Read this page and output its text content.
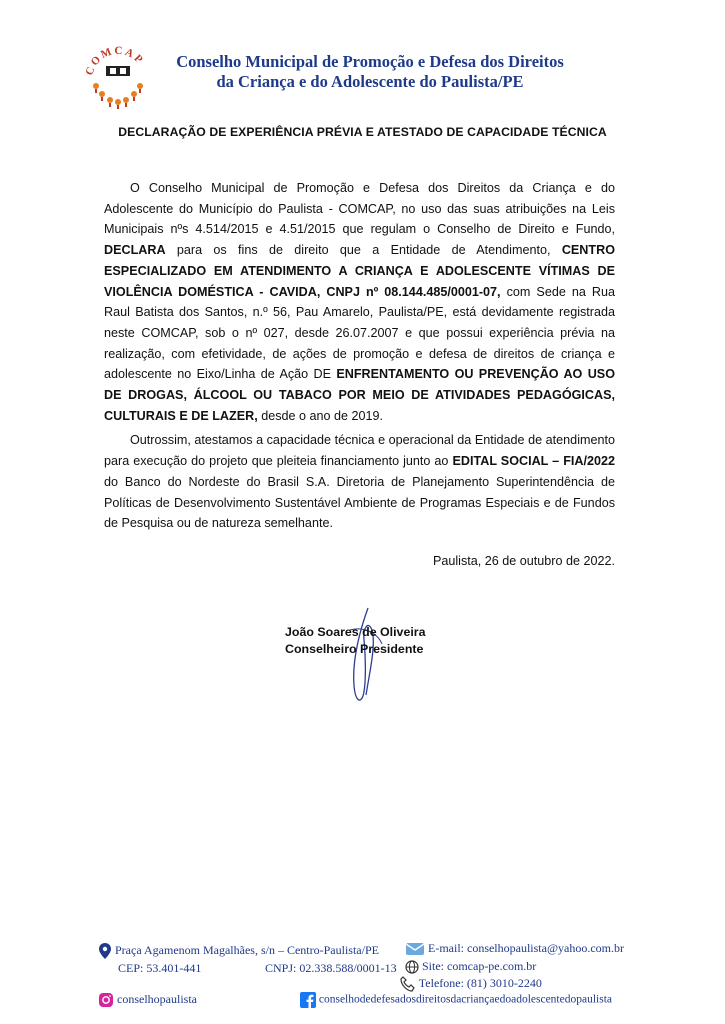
COMCAP	Conselho Municipal de Promoção e Defesa dos Direitos
da Criança e do Adolescente do Paulista/PE
DECLARAÇÃO DE EXPERIÊNCIA PRÉVIA E ATESTADO DE CAPACIDADE TÉCNICA

O Conselho Municipal de Promoção e Defesa dos Direitos da Criança e do Adolescente do Município do Paulista - COMCAP, no uso das suas atribuições na Leis Municipais nºs 4.514/2015 e 4.51/2015 que regulam o Conselho de Direito e Fundo, DECLARA para os fins de direito que a Entidade de Atendimento, CENTRO ESPECIALIZADO EM ATENDIMENTO A CRIANÇA E ADOLESCENTE VÍTIMAS DE VIOLÊNCIA DOMÉSTICA - CAVIDA, CNPJ nº 08.144.485/0001-07, com Sede na Rua Raul Batista dos Santos, n.º 56, Pau Amarelo, Paulista/PE, está devidamente registrada neste COMCAP, sob o nº 027, desde 26.07.2007 e que possui experiência prévia na realização, com efetividade, de ações de promoção e defesa de direitos de criança e adolescente no Eixo/Linha de Ação DE ENFRENTAMENTO OU PREVENÇÃO AO USO DE DROGAS, ÁLCOOL OU TABACO POR MEIO DE ATIVIDADES PEDAGÓGICAS, CULTURAIS E DE LAZER, desde o ano de 2019.

Outrossim, atestamos a capacidade técnica e operacional da Entidade de atendimento para execução do projeto que pleiteia financiamento junto ao EDITAL SOCIAL – FIA/2022 do Banco do Nordeste do Brasil S.A. Diretoria de Planejamento Superintendência de Políticas de Desenvolvimento Sustentável Ambiente de Programas Especiais e de Fundos de Pesquisa ou de natureza semelhante.

Paulista, 26 de outubro de 2022.
João Soares de Oliveira
Conselheiro Presidente
Praça Agamenom Magalhães, s/n – Centro-Paulista/PE
CEP: 53.401-441	CNPJ: 02.338.588/0001-13
E-mail: conselhopaulista@yahoo.com.br
Site: comcap-pe.com.br
Telefone: (81) 3010-2240
conselhopaulista	conselhodedefesadosdireitosdacriançaedoadolescentedopaulista
